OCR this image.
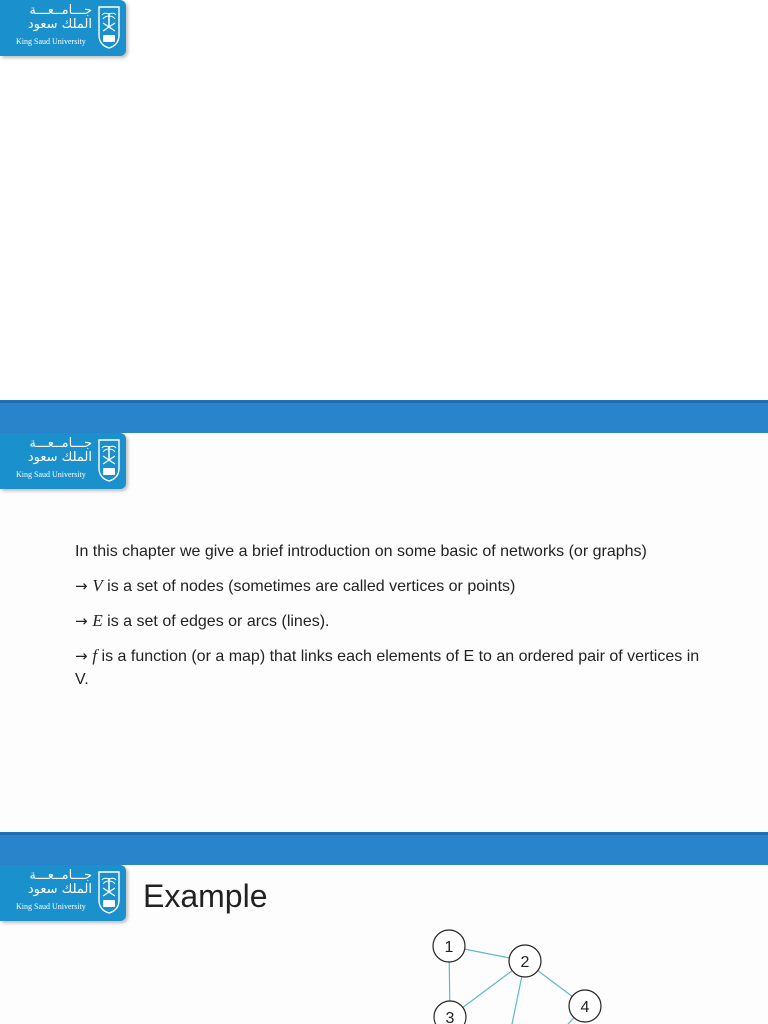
جـــامــعـــة
الملك سعود
King Saud University
جـــامــعـــة
الملك سعود
King Saud University

In this chapter we give a brief introduction on some basic of networks (or graphs)

→ V is a set of nodes (sometimes are called vertices or points)

→ E is a set of edges or arcs (lines).

→ f is a function (or a map) that links each elements of E to an ordered pair of vertices in V.

جـــامــعـــة
الملك سعود
King Saud University Example
1
2
3
4
